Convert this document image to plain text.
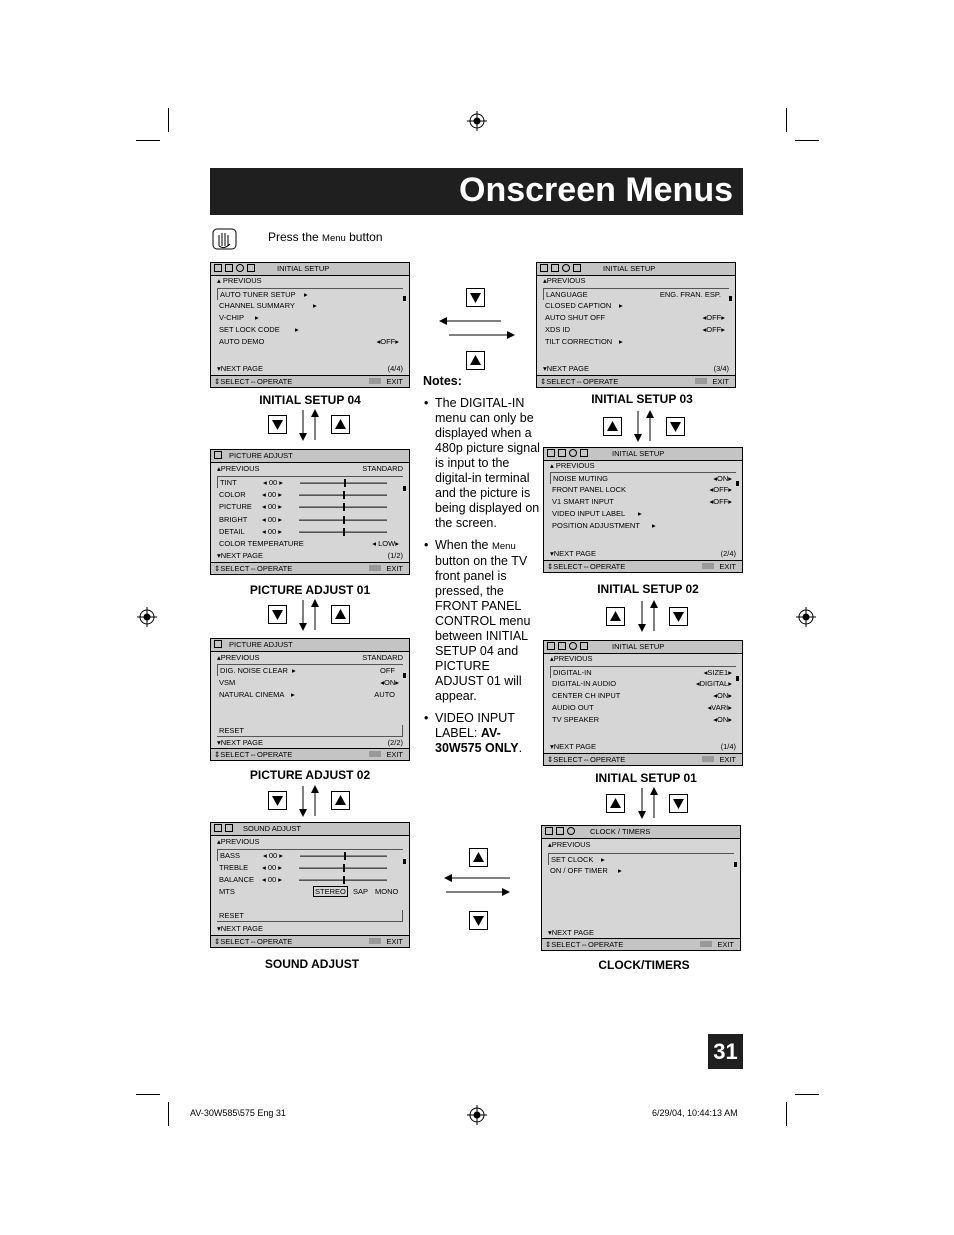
Onscreen Menus
Press the Menu button
INITIAL SETUP
▴ PREVIOUS
AUTO TUNER SETUP ▸
CHANNEL SUMMARY ▸
V-CHIP ▸
SET LOCK CODE ▸
AUTO DEMO	◂OFF▸
▾NEXT PAGE	(4/4)
⇕SELECT⇔OPERATE	EXIT
INITIAL SETUP 04
INITIAL SETUP
▴PREVIOUS
LANGUAGE	ENG. FRAN. ESP.
CLOSED CAPTION ▸
AUTO SHUT OFF	◂OFF▸
XDS ID	◂OFF▸
TILT CORRECTION ▸
▾NEXT PAGE	(3/4)
⇕SELECT⇔OPERATE	EXIT
INITIAL SETUP 03
PICTURE ADJUST
▴PREVIOUS	STANDARD
TINT	◂ 00 ▸
COLOR ◂ 00 ▸
PICTURE ◂ 00 ▸
BRIGHT ◂ 00 ▸
DETAIL ◂ 00 ▸
COLOR TEMPERATURE	◂ LOW▸
▾NEXT PAGE	(1/2)
⇕SELECT⇔OPERATE	EXIT
PICTURE ADJUST 01
INITIAL SETUP
▴ PREVIOUS
NOISE MUTING	◂ON▸
FRONT PANEL LOCK	◂OFF▸
V1 SMART INPUT	◂OFF▸
VIDEO INPUT LABEL ▸
POSITION ADJUSTMENT ▸
▾NEXT PAGE	(2/4)
⇕SELECT⇔OPERATE	EXIT
INITIAL SETUP 02
PICTURE ADJUST
▴PREVIOUS	STANDARD
DIG. NOISE CLEAR ▸	OFF
VSM	◂ON▸
NATURAL CINEMA ▸	AUTO
RESET
▾NEXT PAGE	(2/2)
⇕SELECT⇔OPERATE	EXIT
PICTURE ADJUST 02
INITIAL SETUP
▴PREVIOUS
DIGITAL-IN	◂SIZE1▸
DIGITAL-IN AUDIO	◂DIGITAL▸
CENTER CH INPUT	◂ON▸
AUDIO OUT	◂VARI▸
TV SPEAKER	◂ON▸
▾NEXT PAGE	(1/4)
⇕SELECT⇔OPERATE	EXIT
INITIAL SETUP 01
SOUND ADJUST
▴PREVIOUS
BASS	◂ 00 ▸
TREBLE ◂ 00 ▸
BALANCE ◂ 00 ▸
MTS	STEREO SAP MONO
RESET
▾NEXT PAGE
⇕SELECT⇔OPERATE	EXIT
SOUND ADJUST
CLOCK / TIMERS
▴PREVIOUS
SET CLOCK ▸
ON / OFF TIMER ▸
▾NEXT PAGE
⇕SELECT⇔OPERATE	EXIT
CLOCK/TIMERS
Notes:
• The DIGITAL-IN menu can only be displayed when a 480p picture signal is input to the digital-in terminal and the picture is being displayed on the screen.
• When the Menu button on the TV front panel is pressed, the FRONT PANEL CONTROL menu between INITIAL SETUP 04 and PICTURE ADJUST 01 will appear.
• VIDEO INPUT LABEL: AV-30W575 ONLY.
31
AV-30W585\575 Eng 31	6/29/04, 10:44:13 AM
